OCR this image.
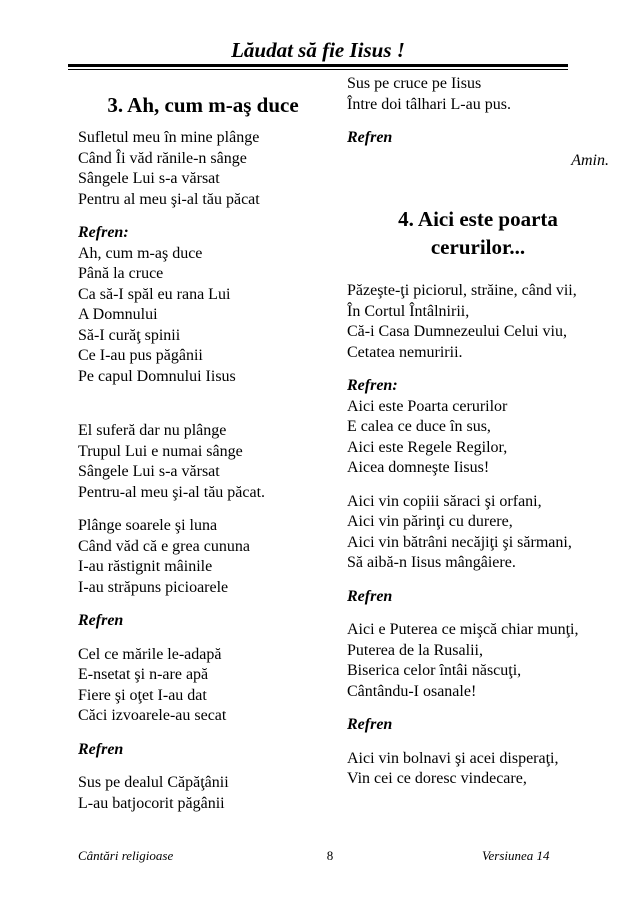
Lăudat să fie Iisus !
3. Ah, cum m-aş duce
Sufletul meu în mine plânge
Când Îi văd rănile-n sânge
Sângele Lui s-a vărsat
Pentru al meu şi-al tău păcat
Refren:
Ah, cum m-aş duce
Până la cruce
Ca să-I spăl eu rana Lui
A Domnului
Să-I curăţ spinii
Ce I-au pus păgânii
Pe capul Domnului Iisus
El suferă dar nu plânge
Trupul Lui e numai sânge
Sângele Lui s-a vărsat
Pentru-al meu şi-al tău păcat.
Plânge soarele şi luna
Când văd că e grea cununa
I-au răstignit mâinile
I-au străpuns picioarele
Refren
Cel ce mările le-adapă
E-nsetat şi n-are apă
Fiere şi oţet I-au dat
Căci izvoarele-au secat
Refren
Sus pe dealul Căpăţânii
L-au batjocorit păgânii
Sus pe cruce pe Iisus
Între doi tâlhari L-au pus.
Refren
Amin.
4. Aici este poarta
cerurilor...
Păzeşte-ţi piciorul, străine, când vii,
În Cortul Întâlnirii,
Că-i Casa Dumnezeului Celui viu,
Cetatea nemuririi.
Refren:
Aici este Poarta cerurilor
E calea ce duce în sus,
Aici este Regele Regilor,
Aicea domneşte Iisus!
Aici vin copiii săraci şi orfani,
Aici vin părinţi cu durere,
Aici vin bătrâni necăjiţi şi sărmani,
Să aibă-n Iisus mângâiere.
Refren
Aici e Puterea ce mişcă chiar munţi,
Puterea de la Rusalii,
Biserica celor întâi născuţi,
Cântându-I osanale!
Refren
Aici vin bolnavi şi acei disperaţi,
Vin cei ce doresc vindecare,
Cântări religioase	8	Versiunea 14
